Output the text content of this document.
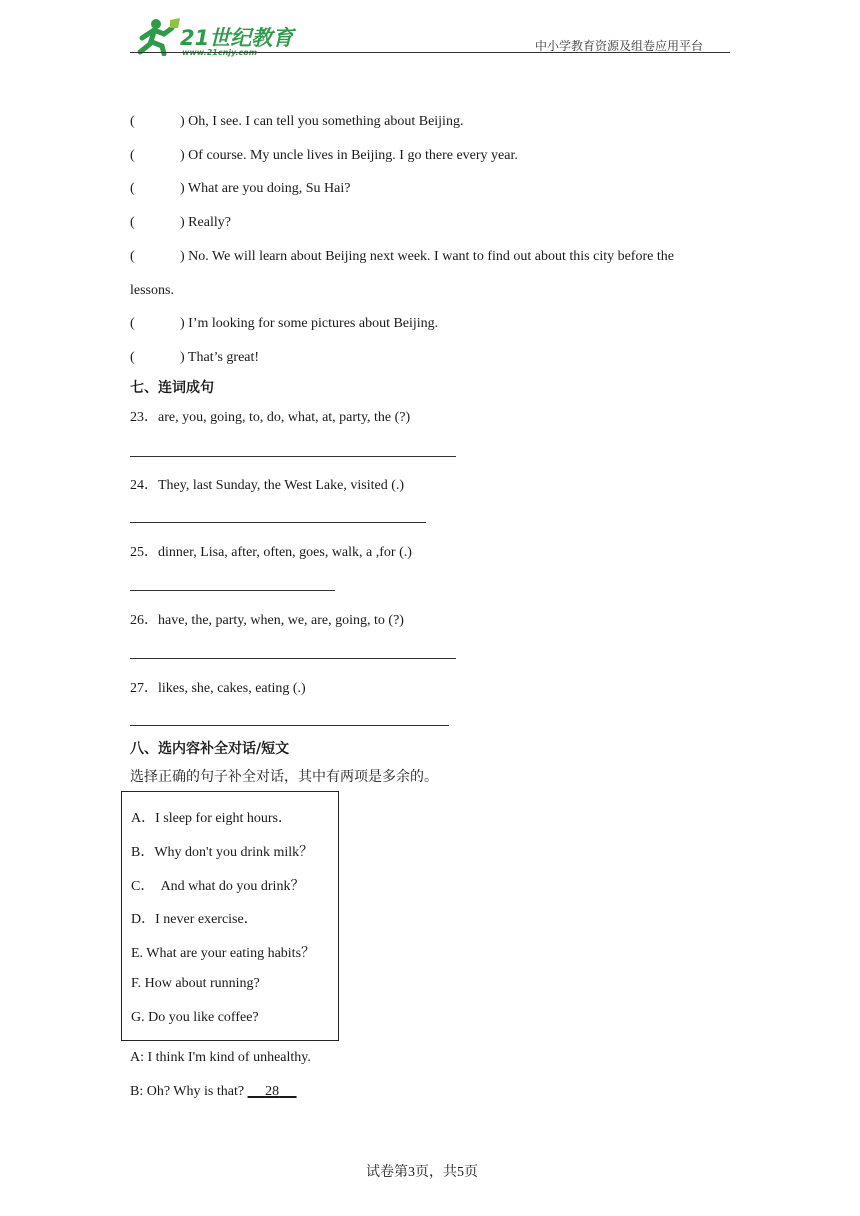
21世纪教育
www.21cnjy.com	中小学教育资源及组卷应用平台
(	) Oh, I see. I can tell you something about Beijing.
(	) Of course. My uncle lives in Beijing. I go there every year.
(	) What are you doing, Su Hai?
(	) Really?
(	) No. We will learn about Beijing next week. I want to find out about this city before the
lessons.
(	) I’m looking for some pictures about Beijing.
(	) That’s great!
七、连词成句
23．are, you, going, to, do, what, at, party, the (?)
24．They, last Sunday, the West Lake, visited (.)
25．dinner, Lisa, after, often, goes, walk, a ,for (.)
26．have, the, party, when, we, are, going, to (?)
27．likes, she, cakes, eating (.)
八、选内容补全对话/短文
选择正确的句子补全对话，其中有两项是多余的。
A．I sleep for eight hours．
B．Why don't you drink milk？
C．  And what do you drink？
D．I never exercise．
E. What are your eating habits？
F. How about running?
G. Do you like coffee?
A: I think I'm kind of unhealthy.
B: Oh? Why is that? 28
试卷第3页，共5页
